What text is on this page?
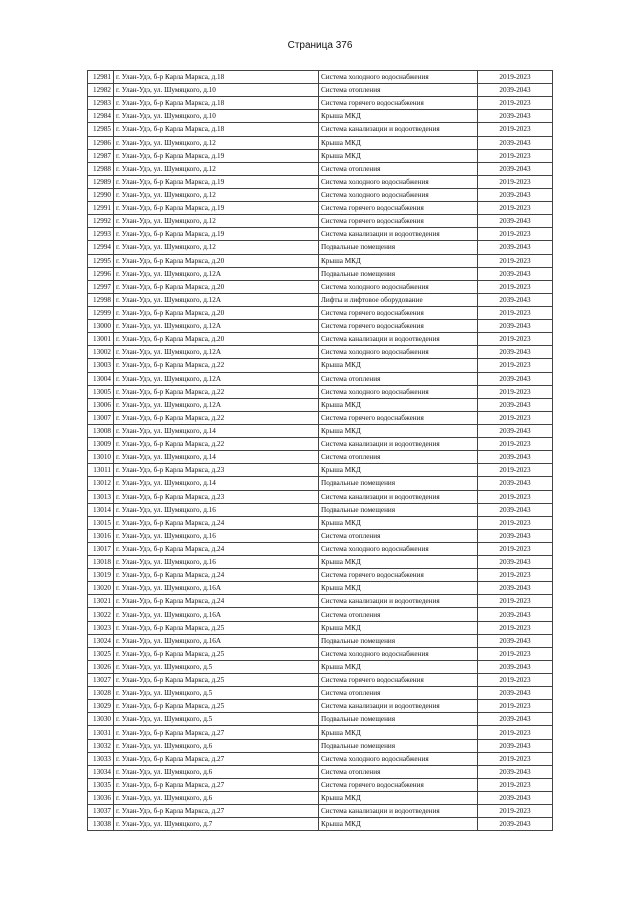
Страница 376
12981	г. Улан-Удэ, б-р Карла Маркса, д.18	Система холодного водоснабжения	2019-2023
12982	г. Улан-Удэ, ул. Шумяцкого, д.10	Система отопления	2039-2043
12983	г. Улан-Удэ, б-р Карла Маркса, д.18	Система горячего водоснабжения	2019-2023
12984	г. Улан-Удэ, ул. Шумяцкого, д.10	Крыша МКД	2039-2043
12985	г. Улан-Удэ, б-р Карла Маркса, д.18	Система канализации и водоотведения	2019-2023
12986	г. Улан-Удэ, ул. Шумяцкого, д.12	Крыша МКД	2039-2043
12987	г. Улан-Удэ, б-р Карла Маркса, д.19	Крыша МКД	2019-2023
12988	г. Улан-Удэ, ул. Шумяцкого, д.12	Система отопления	2039-2043
12989	г. Улан-Удэ, б-р Карла Маркса, д.19	Система холодного водоснабжения	2019-2023
12990	г. Улан-Удэ, ул. Шумяцкого, д.12	Система холодного водоснабжения	2039-2043
12991	г. Улан-Удэ, б-р Карла Маркса, д.19	Система горячего водоснабжения	2019-2023
12992	г. Улан-Удэ, ул. Шумяцкого, д.12	Система горячего водоснабжения	2039-2043
12993	г. Улан-Удэ, б-р Карла Маркса, д.19	Система канализации и водоотведения	2019-2023
12994	г. Улан-Удэ, ул. Шумяцкого, д.12	Подвальные помещения	2039-2043
12995	г. Улан-Удэ, б-р Карла Маркса, д.20	Крыша МКД	2019-2023
12996	г. Улан-Удэ, ул. Шумяцкого, д.12А	Подвальные помещения	2039-2043
12997	г. Улан-Удэ, б-р Карла Маркса, д.20	Система холодного водоснабжения	2019-2023
12998	г. Улан-Удэ, ул. Шумяцкого, д.12А	Лифты и лифтовое оборудование	2039-2043
12999	г. Улан-Удэ, б-р Карла Маркса, д.20	Система горячего водоснабжения	2019-2023
13000	г. Улан-Удэ, ул. Шумяцкого, д.12А	Система горячего водоснабжения	2039-2043
13001	г. Улан-Удэ, б-р Карла Маркса, д.20	Система канализации и водоотведения	2019-2023
13002	г. Улан-Удэ, ул. Шумяцкого, д.12А	Система холодного водоснабжения	2039-2043
13003	г. Улан-Удэ, б-р Карла Маркса, д.22	Крыша МКД	2019-2023
13004	г. Улан-Удэ, ул. Шумяцкого, д.12А	Система отопления	2039-2043
13005	г. Улан-Удэ, б-р Карла Маркса, д.22	Система холодного водоснабжения	2019-2023
13006	г. Улан-Удэ, ул. Шумяцкого, д.12А	Крыша МКД	2039-2043
13007	г. Улан-Удэ, б-р Карла Маркса, д.22	Система горячего водоснабжения	2019-2023
13008	г. Улан-Удэ, ул. Шумяцкого, д.14	Крыша МКД	2039-2043
13009	г. Улан-Удэ, б-р Карла Маркса, д.22	Система канализации и водоотведения	2019-2023
13010	г. Улан-Удэ, ул. Шумяцкого, д.14	Система отопления	2039-2043
13011	г. Улан-Удэ, б-р Карла Маркса, д.23	Крыша МКД	2019-2023
13012	г. Улан-Удэ, ул. Шумяцкого, д.14	Подвальные помещения	2039-2043
13013	г. Улан-Удэ, б-р Карла Маркса, д.23	Система канализации и водоотведения	2019-2023
13014	г. Улан-Удэ, ул. Шумяцкого, д.16	Подвальные помещения	2039-2043
13015	г. Улан-Удэ, б-р Карла Маркса, д.24	Крыша МКД	2019-2023
13016	г. Улан-Удэ, ул. Шумяцкого, д.16	Система отопления	2039-2043
13017	г. Улан-Удэ, б-р Карла Маркса, д.24	Система холодного водоснабжения	2019-2023
13018	г. Улан-Удэ, ул. Шумяцкого, д.16	Крыша МКД	2039-2043
13019	г. Улан-Удэ, б-р Карла Маркса, д.24	Система горячего водоснабжения	2019-2023
13020	г. Улан-Удэ, ул. Шумяцкого, д.16А	Крыша МКД	2039-2043
13021	г. Улан-Удэ, б-р Карла Маркса, д.24	Система канализации и водоотведения	2019-2023
13022	г. Улан-Удэ, ул. Шумяцкого, д.16А	Система отопления	2039-2043
13023	г. Улан-Удэ, б-р Карла Маркса, д.25	Крыша МКД	2019-2023
13024	г. Улан-Удэ, ул. Шумяцкого, д.16А	Подвальные помещения	2039-2043
13025	г. Улан-Удэ, б-р Карла Маркса, д.25	Система холодного водоснабжения	2019-2023
13026	г. Улан-Удэ, ул. Шумяцкого, д.5	Крыша МКД	2039-2043
13027	г. Улан-Удэ, б-р Карла Маркса, д.25	Система горячего водоснабжения	2019-2023
13028	г. Улан-Удэ, ул. Шумяцкого, д.5	Система отопления	2039-2043
13029	г. Улан-Удэ, б-р Карла Маркса, д.25	Система канализации и водоотведения	2019-2023
13030	г. Улан-Удэ, ул. Шумяцкого, д.5	Подвальные помещения	2039-2043
13031	г. Улан-Удэ, б-р Карла Маркса, д.27	Крыша МКД	2019-2023
13032	г. Улан-Удэ, ул. Шумяцкого, д.6	Подвальные помещения	2039-2043
13033	г. Улан-Удэ, б-р Карла Маркса, д.27	Система холодного водоснабжения	2019-2023
13034	г. Улан-Удэ, ул. Шумяцкого, д.6	Система отопления	2039-2043
13035	г. Улан-Удэ, б-р Карла Маркса, д.27	Система горячего водоснабжения	2019-2023
13036	г. Улан-Удэ, ул. Шумяцкого, д.6	Крыша МКД	2039-2043
13037	г. Улан-Удэ, б-р Карла Маркса, д.27	Система канализации и водоотведения	2019-2023
13038	г. Улан-Удэ, ул. Шумяцкого, д.7	Крыша МКД	2039-2043
